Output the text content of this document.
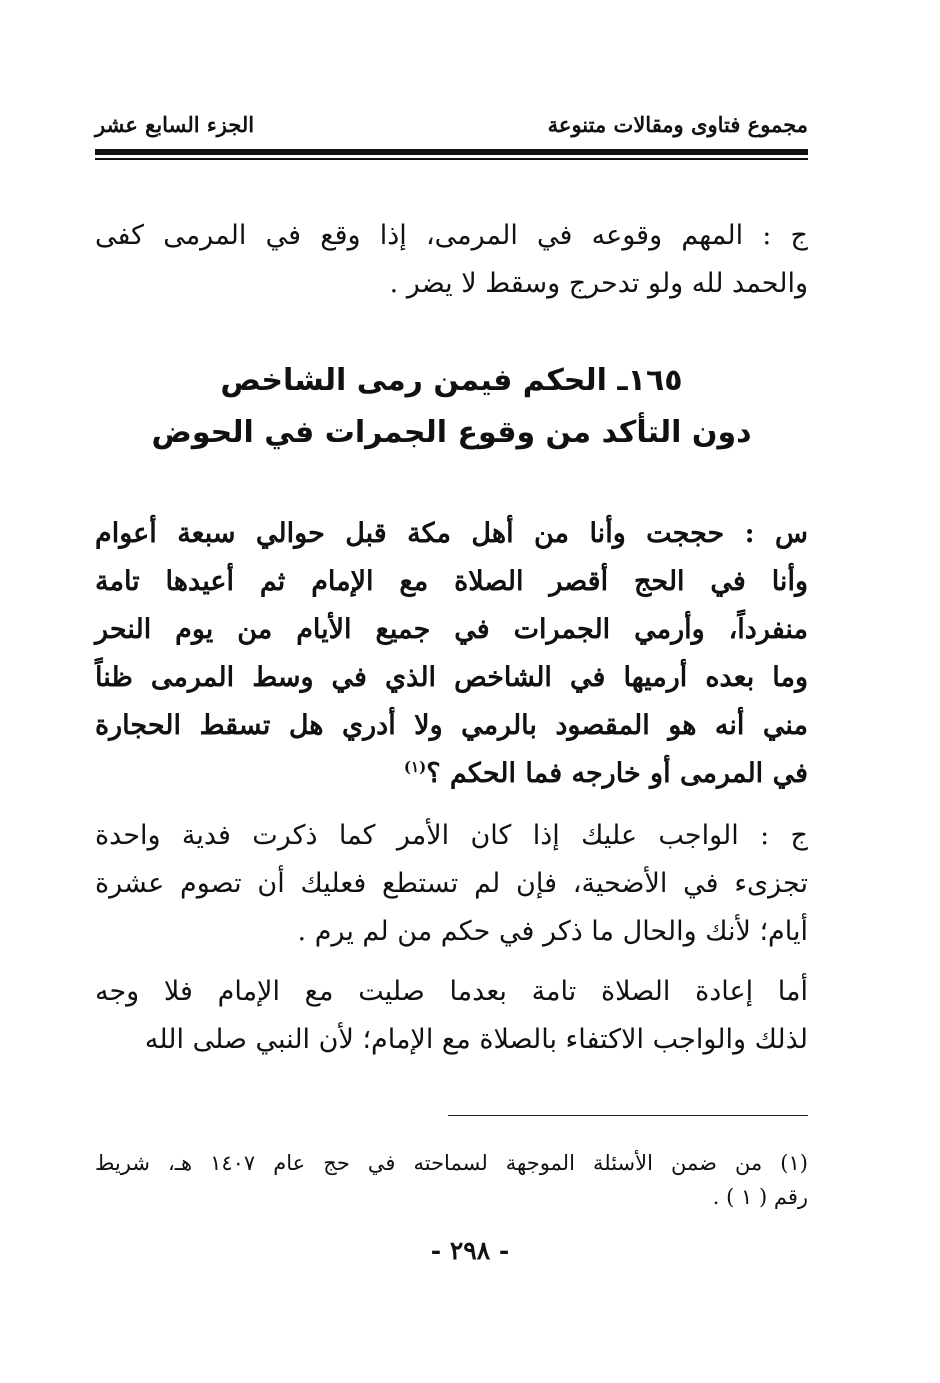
مجموع فتاوى ومقالات متنوعة
الجزء السابع عشر

ج : المهم وقوعه في المرمى، إذا وقع في المرمى كفى
والحمد لله ولو تدحرج وسقط لا يضر .

١٦٥ـ الحكم فيمن رمى الشاخص
دون التأكد من وقوع الجمرات في الحوض

س : حججت وأنا من أهل مكة قبل حوالي سبعة أعوام
وأنا في الحج أقصر الصلاة مع الإمام ثم أعيدها تامة
منفرداً، وأرمي الجمرات في جميع الأيام من يوم النحر
وما بعده أرميها في الشاخص الذي في وسط المرمى ظناً
مني أنه هو المقصود بالرمي ولا أدري هل تسقط الحجارة
في المرمى أو خارجه فما الحكم ؟$^{(١)}$

ج : الواجب عليك إذا كان الأمر كما ذكرت فدية واحدة
تجزىء في الأضحية، فإن لم تستطع فعليك أن تصوم عشرة
أيام؛ لأنك والحال ما ذكر في حكم من لم يرم .

أما إعادة الصلاة تامة بعدما صليت مع الإمام فلا وجه
لذلك والواجب الاكتفاء بالصلاة مع الإمام؛ لأن النبي صلى الله

(١) من ضمن الأسئلة الموجهة لسماحته في حج عام ١٤٠٧ هـ، شريط
رقم ( ١ ) .
- ٢٩٨ -
